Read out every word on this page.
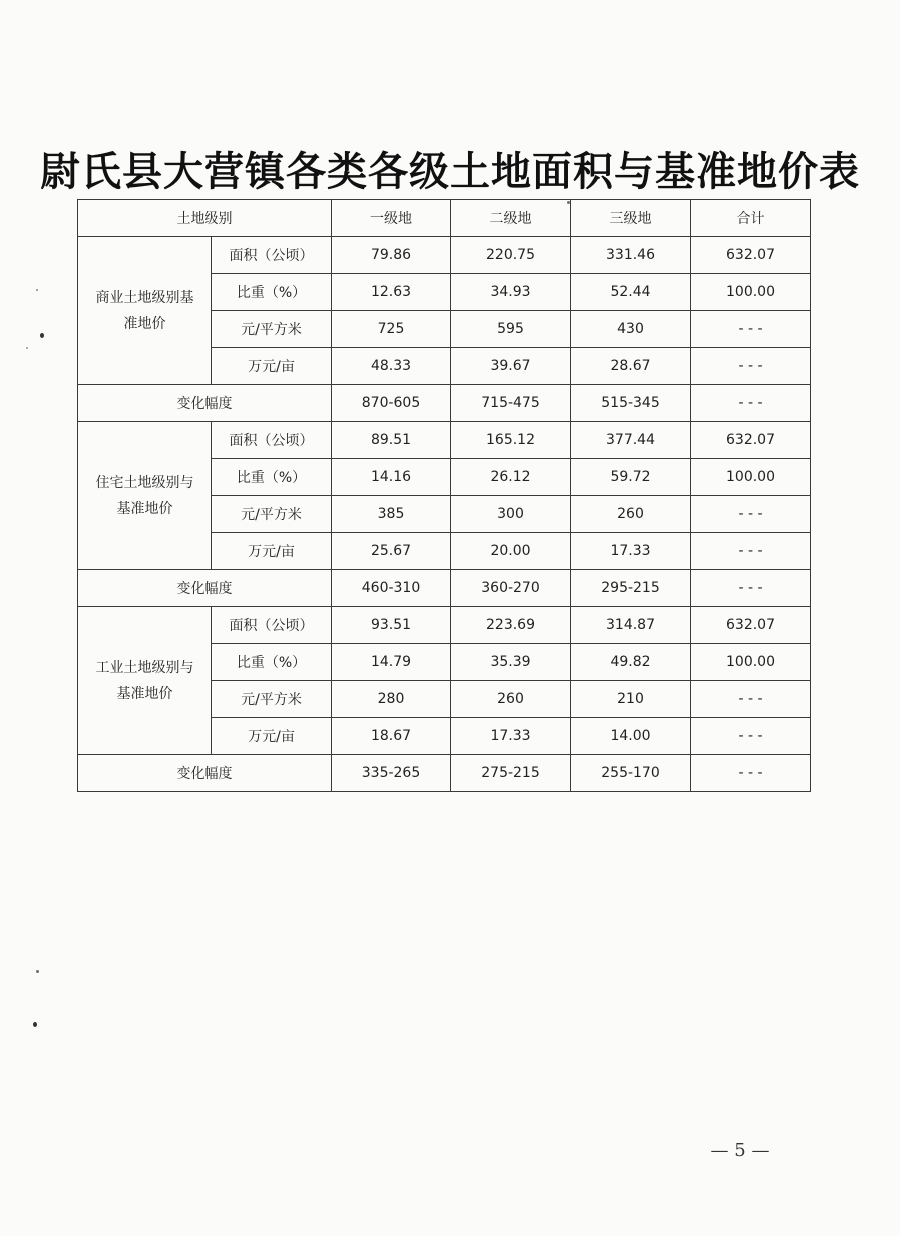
尉氏县大营镇各类各级土地面积与基准地价表
土地级别		一级地	二级地	三级地	合计
商业土地级别基
准地价	面积（公顷）	79.86	220.75	331.46	632.07
	比重（%）	12.63	34.93	52.44	100.00
	元/平方米	725	595	430	- - -
	万元/亩	48.33	39.67	28.67	- - -
变化幅度		870-605	715-475	515-345	- - -
住宅土地级别与
基准地价	面积（公顷）	89.51	165.12	377.44	632.07
	比重（%）	14.16	26.12	59.72	100.00
	元/平方米	385	300	260	- - -
	万元/亩	25.67	20.00	17.33	- - -
变化幅度		460-310	360-270	295-215	- - -
工业土地级别与
基准地价	面积（公顷）	93.51	223.69	314.87	632.07
	比重（%）	14.79	35.39	49.82	100.00
	元/平方米	280	260	210	- - -
	万元/亩	18.67	17.33	14.00	- - -
变化幅度		335-265	275-215	255-170	- - -
— 5 —
